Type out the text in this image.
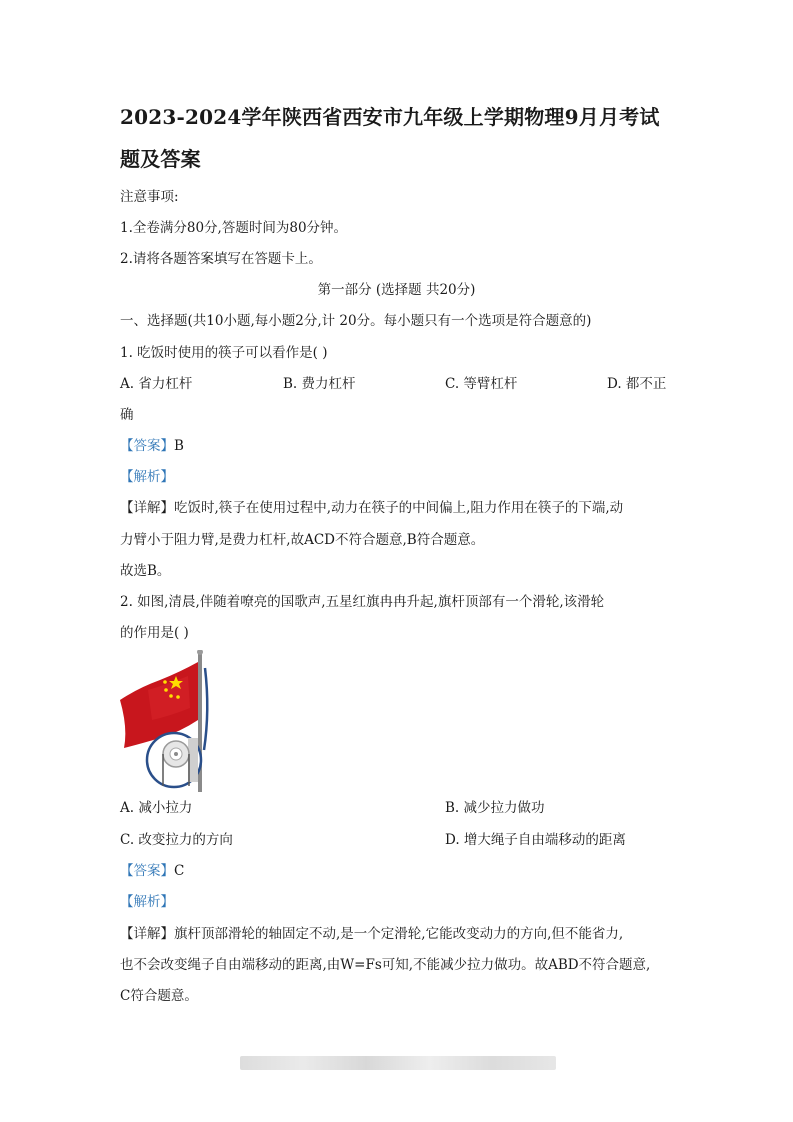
2023-2024学年陕西省西安市九年级上学期物理9月月考试
题及答案
注意事项:
1.全卷满分80分,答题时间为80分钟。
2.请将各题答案填写在答题卡上。
第一部分 (选择题 共20分)
一、选择题(共10小题,每小题2分,计 20分。每小题只有一个选项是符合题意的)
1. 吃饭时使用的筷子可以看作是( )
A. 省力杠杆	B. 费力杠杆	C. 等臂杠杆	D. 都不正
确
【答案】B
【解析】
【详解】吃饭时,筷子在使用过程中,动力在筷子的中间偏上,阻力作用在筷子的下端,动
力臂小于阻力臂,是费力杠杆,故ACD不符合题意,B符合题意。
故选B。
2. 如图,清晨,伴随着嘹亮的国歌声,五星红旗冉冉升起,旗杆顶部有一个滑轮,该滑轮
的作用是( )
A. 减小拉力	B. 减少拉力做功
C. 改变拉力的方向	D. 增大绳子自由端移动的距离
【答案】C
【解析】
【详解】旗杆顶部滑轮的轴固定不动,是一个定滑轮,它能改变动力的方向,但不能省力,
也不会改变绳子自由端移动的距离,由W=Fs可知,不能减少拉力做功。故ABD不符合题意,
C符合题意。
